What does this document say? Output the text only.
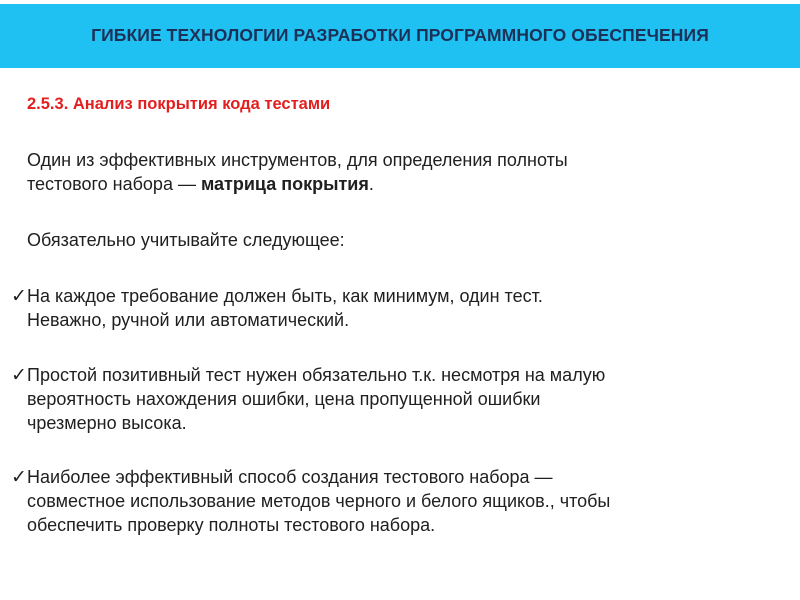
ГИБКИЕ ТЕХНОЛОГИИ РАЗРАБОТКИ ПРОГРАММНОГО ОБЕСПЕЧЕНИЯ
2.5.3. Анализ покрытия кода тестами
Один из эффективных инструментов, для определения полноты
тестового набора — матрица покрытия.
Обязательно учитывайте следующее:
✓ На каждое требование должен быть, как минимум, один тест.
Неважно, ручной или автоматический.
✓ Простой позитивный тест нужен обязательно т.к. несмотря на малую
вероятность нахождения ошибки, цена пропущенной ошибки
чрезмерно высока.
✓ Наиболее эффективный способ создания тестового набора —
совместное использование методов черного и белого ящиков., чтобы
обеспечить проверку полноты тестового набора.
